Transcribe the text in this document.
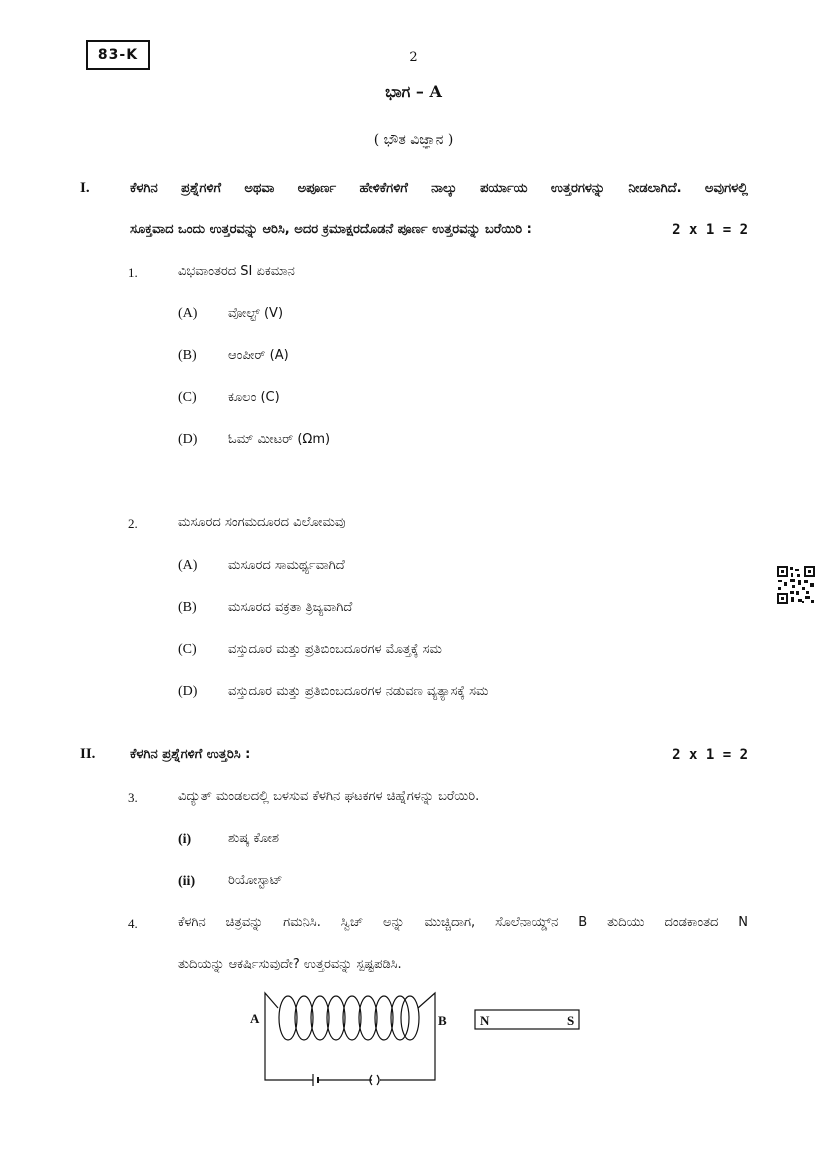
83-K	2
ಭಾಗ – A
( ಭೌತ ವಿಜ್ಞಾನ )
I.	ಕೆಳಗಿನ ಪ್ರಶ್ನೆಗಳಿಗೆ ಅಥವಾ ಅಪೂರ್ಣ ಹೇಳಿಕೆಗಳಿಗೆ ನಾಲ್ಕು ಪರ್ಯಾಯ ಉತ್ತರಗಳನ್ನು ನೀಡಲಾಗಿದೆ. ಅವುಗಳಲ್ಲಿ
ಸೂಕ್ತವಾದ ಒಂದು ಉತ್ತರವನ್ನು ಆರಿಸಿ, ಅದರ ಕ್ರಮಾಕ್ಷರದೊಡನೆ ಪೂರ್ಣ ಉತ್ತರವನ್ನು ಬರೆಯಿರಿ :	2 x 1 = 2
1.	ವಿಭವಾಂತರದ SI ಏಕಮಾನ
(A) ವೋಲ್ಟ್ (V)
(B) ಆಂಪೀರ್ (A)
(C) ಕೂಲಂ (C)
(D) ಓಮ್ ಮೀಟರ್ (Ωm)
2.	ಮಸೂರದ ಸಂಗಮದೂರದ ವಿಲೋಮವು
(A) ಮಸೂರದ ಸಾಮರ್ಥ್ಯವಾಗಿದೆ
(B) ಮಸೂರದ ವಕ್ರತಾ ತ್ರಿಜ್ಯವಾಗಿದೆ
(C) ವಸ್ತುದೂರ ಮತ್ತು ಪ್ರತಿಬಿಂಬದೂರಗಳ ಮೊತ್ತಕ್ಕೆ ಸಮ
(D) ವಸ್ತುದೂರ ಮತ್ತು ಪ್ರತಿಬಿಂಬದೂರಗಳ ನಡುವಣ ವ್ಯತ್ಯಾಸಕ್ಕೆ ಸಮ
II.	ಕೆಳಗಿನ ಪ್ರಶ್ನೆಗಳಿಗೆ ಉತ್ತರಿಸಿ :	2 x 1 = 2
3.	ವಿದ್ಯುತ್ ಮಂಡಲದಲ್ಲಿ ಬಳಸುವ ಕೆಳಗಿನ ಘಟಕಗಳ ಚಿಹ್ನೆಗಳನ್ನು ಬರೆಯಿರಿ.
(i)	ಶುಷ್ಕ ಕೋಶ
(ii)	ರಿಯೋಸ್ಟಾಟ್
4.	ಕೆಳಗಿನ ಚಿತ್ರವನ್ನು ಗಮನಿಸಿ. ಸ್ವಿಚ್ ಅನ್ನು ಮುಚ್ಚಿದಾಗ, ಸೊಲೆನಾಯ್ಡ್‌ನ B ತುದಿಯು ದಂಡಕಾಂತದ N
ತುದಿಯನ್ನು ಆಕರ್ಷಿಸುವುದೇ? ಉತ್ತರವನ್ನು ಸ್ಪಷ್ಟಪಡಿಸಿ.
A	B	N	S
